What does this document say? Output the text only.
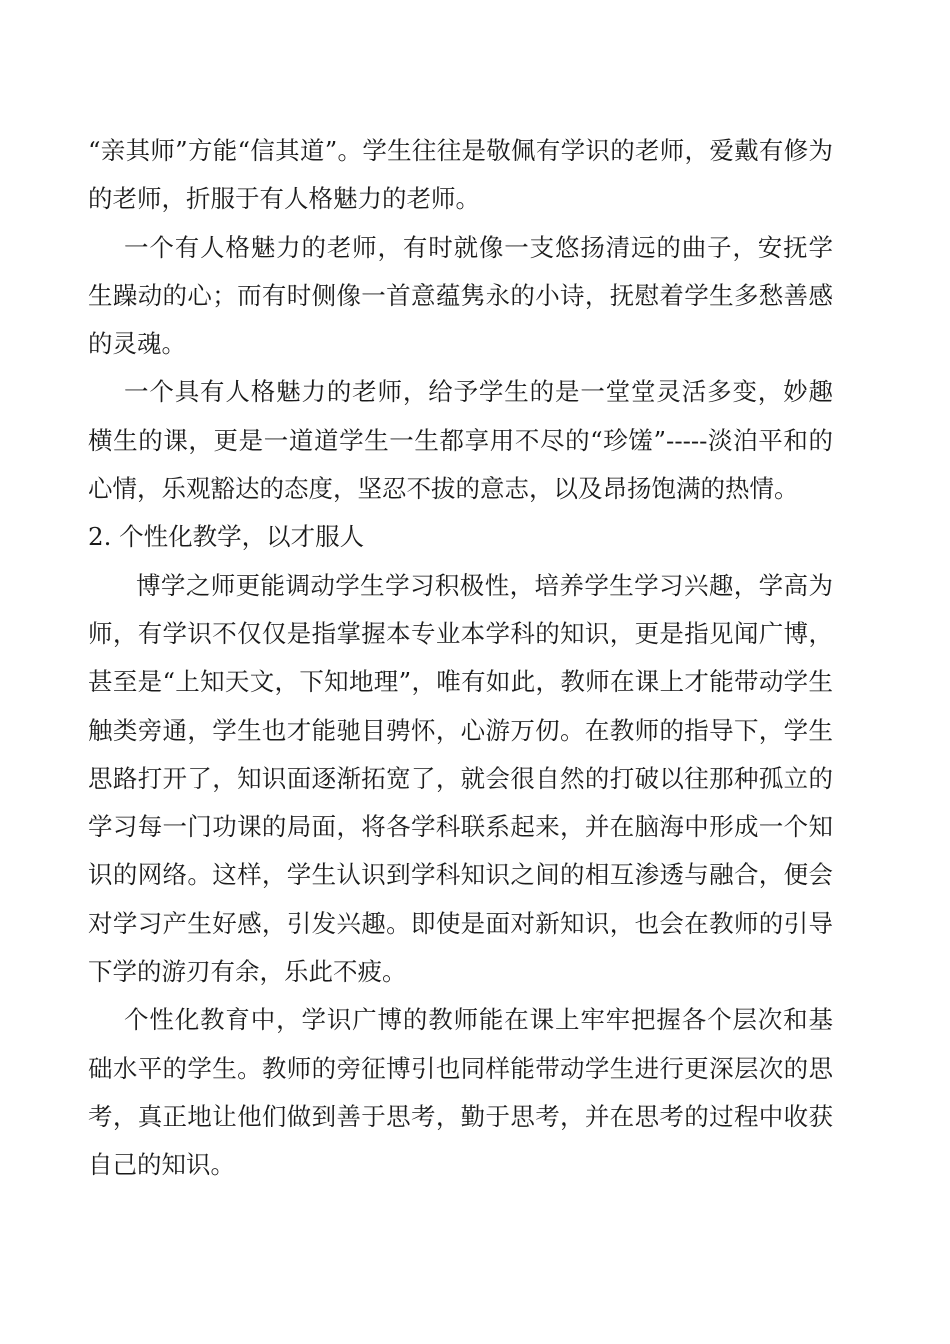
“亲其师”方能“信其道”。学生往往是敬佩有学识的老师，爱戴有修为的老师，折服于有人格魅力的老师。

一个有人格魅力的老师，有时就像一支悠扬清远的曲子，安抚学生躁动的心；而有时侧像一首意蕴隽永的小诗，抚慰着学生多愁善感的灵魂。

一个具有人格魅力的老师，给予学生的是一堂堂灵活多变，妙趣横生的课，更是一道道学生一生都享用不尽的“珍馐”-----淡泊平和的心情，乐观豁达的态度，坚忍不拔的意志，以及昂扬饱满的热情。

2. 个性化教学，以才服人

博学之师更能调动学生学习积极性，培养学生学习兴趣，学高为师，有学识不仅仅是指掌握本专业本学科的知识，更是指见闻广博，甚至是“上知天文，下知地理”，唯有如此，教师在课上才能带动学生触类旁通，学生也才能驰目骋怀，心游万仞。在教师的指导下，学生思路打开了，知识面逐渐拓宽了，就会很自然的打破以往那种孤立的学习每一门功课的局面，将各学科联系起来，并在脑海中形成一个知识的网络。这样，学生认识到学科知识之间的相互渗透与融合，便会对学习产生好感，引发兴趣。即使是面对新知识，也会在教师的引导下学的游刃有余，乐此不疲。

个性化教育中，学识广博的教师能在课上牢牢把握各个层次和基础水平的学生。教师的旁征博引也同样能带动学生进行更深层次的思考，真正地让他们做到善于思考，勤于思考，并在思考的过程中收获自己的知识。
